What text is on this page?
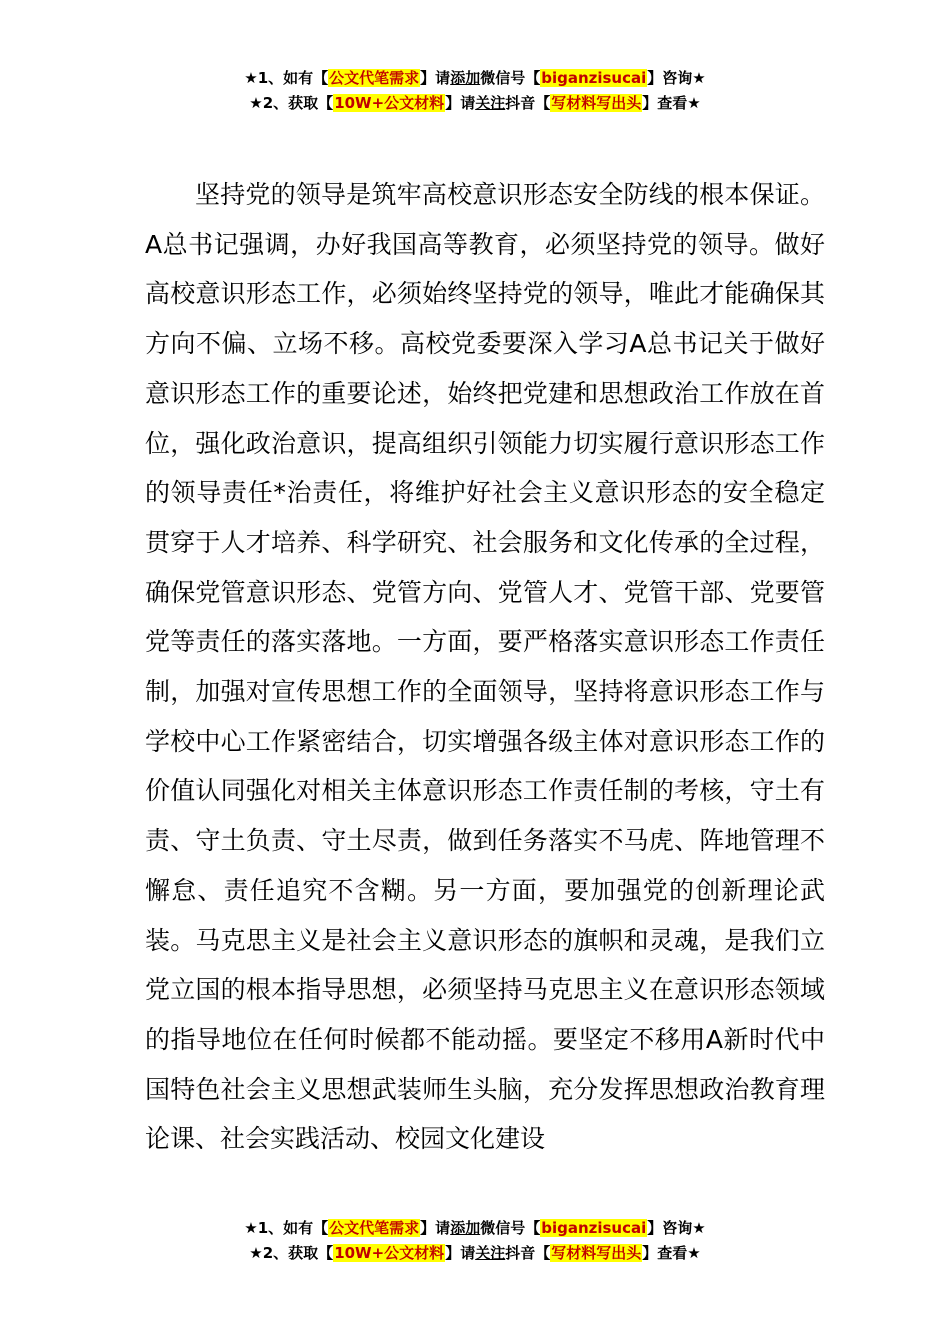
★1、如有【公文代笔需求】请添加微信号【biganzisucai】咨询★
★2、获取【10W+公文材料】请关注抖音【写材料写出头】查看★

坚持党的领导是筑牢高校意识形态安全防线的根本保证。A总书记强调，办好我国高等教育，必须坚持党的领导。做好高校意识形态工作，必须始终坚持党的领导，唯此才能确保其方向不偏、立场不移。高校党委要深入学习A总书记关于做好意识形态工作的重要论述，始终把党建和思想政治工作放在首位，强化政治意识，提高组织引领能力切实履行意识形态工作的领导责任*治责任，将维护好社会主义意识形态的安全稳定贯穿于人才培养、科学研究、社会服务和文化传承的全过程，确保党管意识形态、党管方向、党管人才、党管干部、党要管党等责任的落实落地。一方面，要严格落实意识形态工作责任制，加强对宣传思想工作的全面领导，坚持将意识形态工作与学校中心工作紧密结合，切实增强各级主体对意识形态工作的价值认同强化对相关主体意识形态工作责任制的考核，守土有责、守土负责、守土尽责，做到任务落实不马虎、阵地管理不懈怠、责任追究不含糊。另一方面，要加强党的创新理论武装。马克思主义是社会主义意识形态的旗帜和灵魂，是我们立党立国的根本指导思想，必须坚持马克思主义在意识形态领域的指导地位在任何时候都不能动摇。要坚定不移用A新时代中国特色社会主义思想武装师生头脑，充分发挥思想政治教育理论课、社会实践活动、校园文化建设

★1、如有【公文代笔需求】请添加微信号【biganzisucai】咨询★
★2、获取【10W+公文材料】请关注抖音【写材料写出头】查看★
